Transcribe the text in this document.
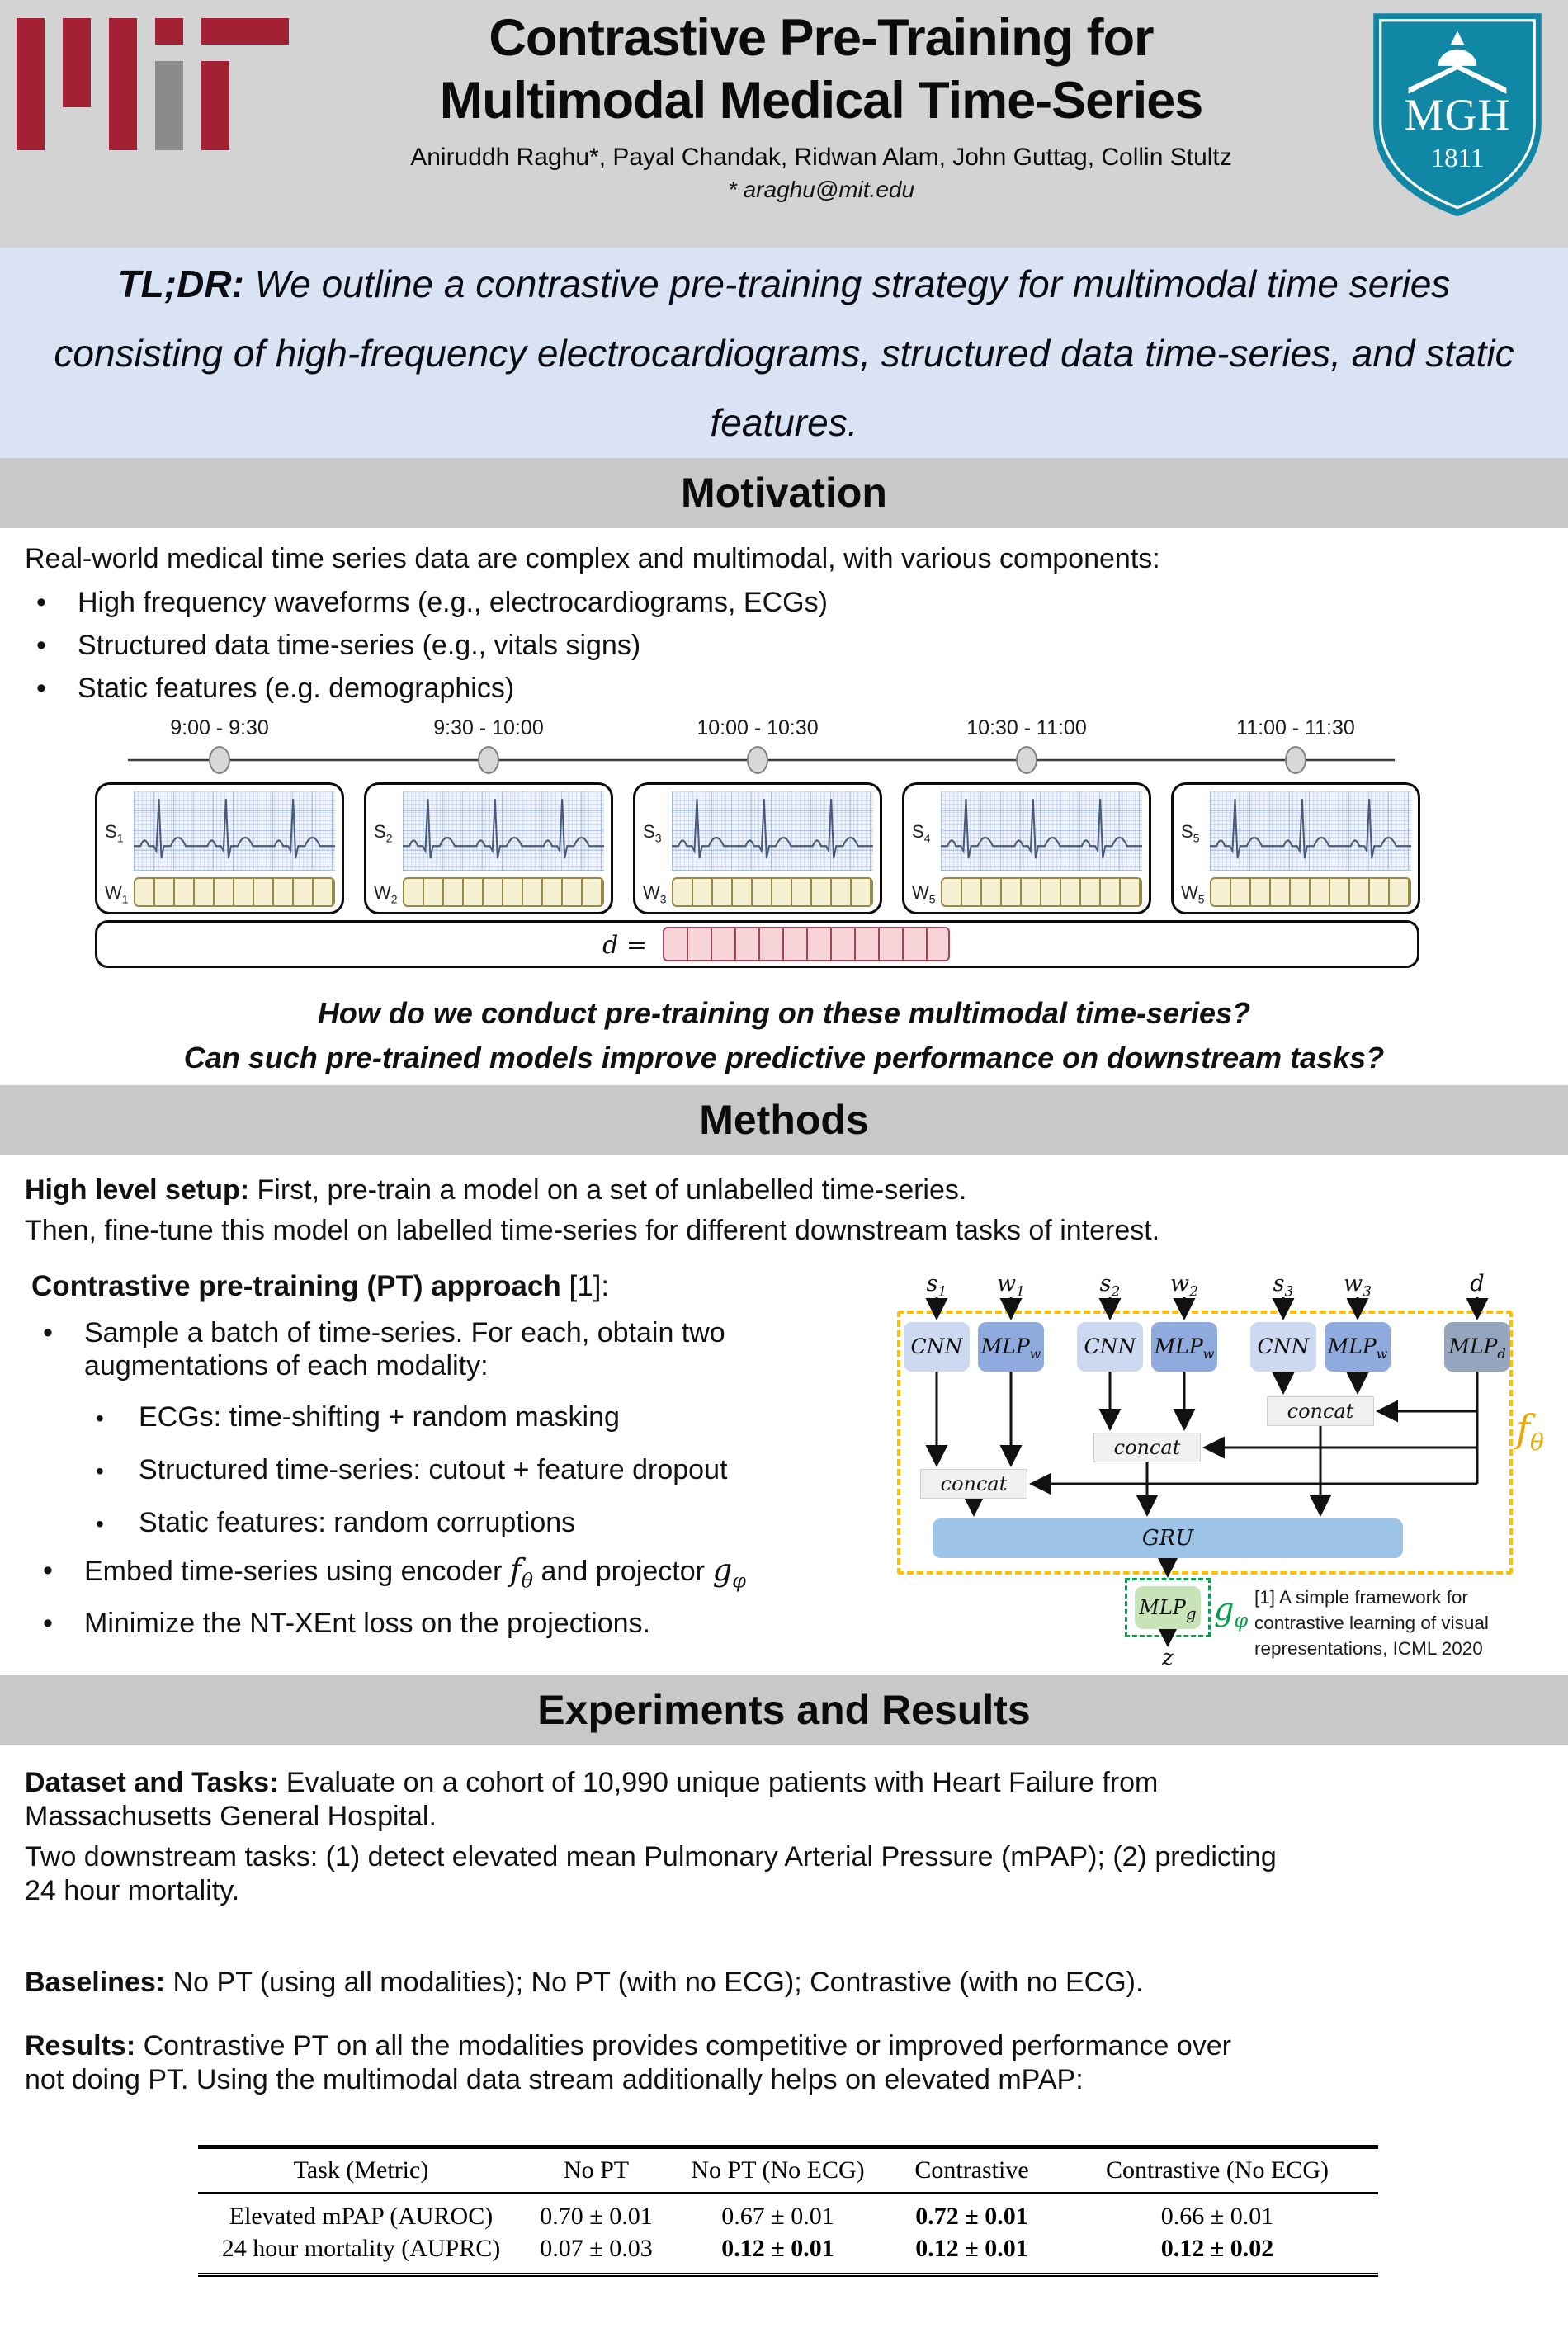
Contrastive Pre-Training for
Multimodal Medical Time-Series
Aniruddh Raghu*, Payal Chandak, Ridwan Alam, John Guttag, Collin Stultz
* araghu@mit.edu
MGH
1811

TL;DR: We outline a contrastive pre-training strategy for multimodal time series consisting of high-frequency electrocardiograms, structured data time-series, and static features.

Motivation

Real-world medical time series data are complex and multimodal, with various components:

•	High frequency waveforms (e.g., electrocardiograms, ECGs)
•	Structured data time-series (e.g., vitals signs)
•	Static features (e.g. demographics)
9:00 - 9:30	9:30 - 10:00	10:00 - 10:30	10:30 - 11:00	11:00 - 11:30
$S_1$
$W_1$
$S_2$
$W_2$
$S_3$
$W_3$
$S_4$
$W_5$
$S_5$
$W_5$
d =

How do we conduct pre-training on these multimodal time-series?

Can such pre-trained models improve predictive performance on downstream tasks?

Methods

High level setup: First, pre-train a model on a set of unlabelled time-series.

Then, fine-tune this model on labelled time-series for different downstream tasks of interest.

Contrastive pre-training (PT) approach [1]:

•	Sample a batch of time-series. For each, obtain two augmentations of each modality:
•	ECGs: time-shifting + random masking
•	Structured time-series: cutout + feature dropout
•	Static features: random corruptions
•	Embed time-series using encoder $f_\theta$ and projector $g_\varphi$
•	Minimize the NT-XEnt loss on the projections.
$s_1$ $w_1$	$s_2$ $w_2$	$s_3$ $w_3$	d
CNN $MLP_w$	CNN $MLP_w$	CNN $MLP_w$	$MLP_d$
concat
concat
concat
GRU
$MLP_g$
$f_\theta$
$g_\varphi$
z
[1] A simple framework for contrastive learning of visual representations, ICML 2020
Experiments and Results

Dataset and Tasks: Evaluate on a cohort of 10,990 unique patients with Heart Failure from Massachusetts General Hospital.

Two downstream tasks: (1) detect elevated mean Pulmonary Arterial Pressure (mPAP); (2) predicting 24 hour mortality.

Baselines: No PT (using all modalities); No PT (with no ECG); Contrastive (with no ECG).

Results: Contrastive PT on all the modalities provides competitive or improved performance over not doing PT. Using the multimodal data stream additionally helps on elevated mPAP:

Task (Metric)	No PT	No PT (No ECG)	Contrastive	Contrastive (No ECG)
Elevated mPAP (AUROC)	0.70 ± 0.01	0.67 ± 0.01	0.72 ± 0.01	0.66 ± 0.01
24 hour mortality (AUPRC)	0.07 ± 0.03	0.12 ± 0.01	0.12 ± 0.01	0.12 ± 0.02
